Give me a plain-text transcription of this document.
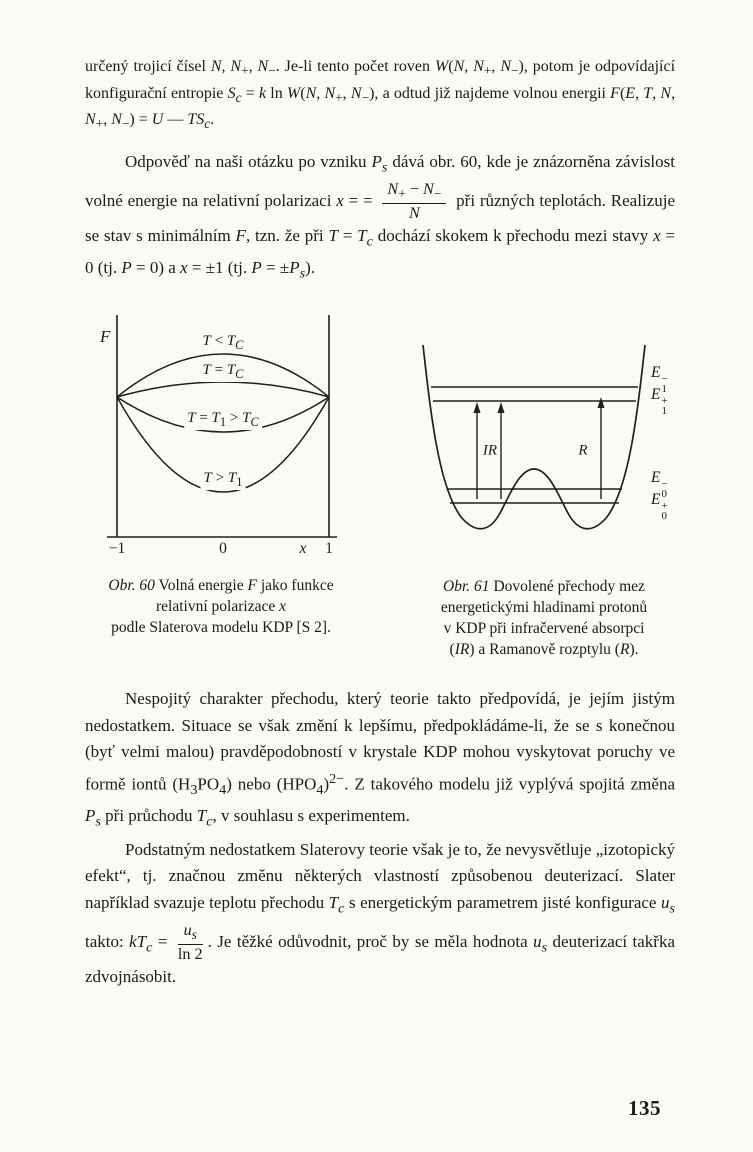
určený trojicí čísel N, $N_+$, $N_-$. Je-li tento počet roven W(N, $N_+$, $N_-$), potom je odpovídající konfigurační entropie $S_c = k$ ln W(N, $N_+$, $N_-$), a odtud již najdeme volnou energii F(E, T, N, $N_+$, $N_-) = U$ — $TS_c$.

Odpověď na naši otázku po vzniku $P_s$ dává obr. 60, kde je znázorněna závislost volné energie na relativní polarizaci x = = $\frac{N_+ - N_-}{N}$ při různých teplotách. Realizuje se stav s minimálním F, tzn. že při $T = T_c$ dochází skokem k přechodu mezi stavy x = 0 (tj. P = 0) a x = ±1 (tj. $P = \pm P_s$).

F	$T < T_C$
$T = T_C$
$T = T_1 > T_C$
$T > T_1$
−1	0	x 1
Obr. 60 Volná energie F jako funkce
relativní polarizace x
podle Slaterova modelu KDP [S 2].
E −
1
E +
1
E −
0
E +
0
IR	R
Obr. 61 Dovolené přechody mez
energetickými hladinami protonů
v KDP při infračervené absorpci
(IR) a Ramanově rozptylu (R).

Nespojitý charakter přechodu, který teorie takto předpovídá, je jejím jistým nedostatkem. Situace se však změní k lepšímu, předpokládáme-li, že se s konečnou (byť velmi malou) pravděpodobností v krystale KDP mohou vyskytovat poruchy ve formě iontů $(H_3PO_4)$ nebo $(HPO_4)^{2-}$. Z takového modelu již vyplývá spojitá změna $P_s$ při průchodu $T_c$, v souhlasu s experimentem.

Podstatným nedostatkem Slaterovy teorie však je to, že nevysvětluje „izotopický efekt“, tj. značnou změnu některých vlastností způsobenou deuterizací. Slater například svazuje teplotu přechodu $T_c$ s energetickým parametrem jisté konfigurace $u_s$ takto: $kT_c = \frac{u_s}{\ln 2}$ . Je těžké odůvodnit, proč by se měla hodnota $u_s$ deuterizací takřka zdvojnásobit.

135
